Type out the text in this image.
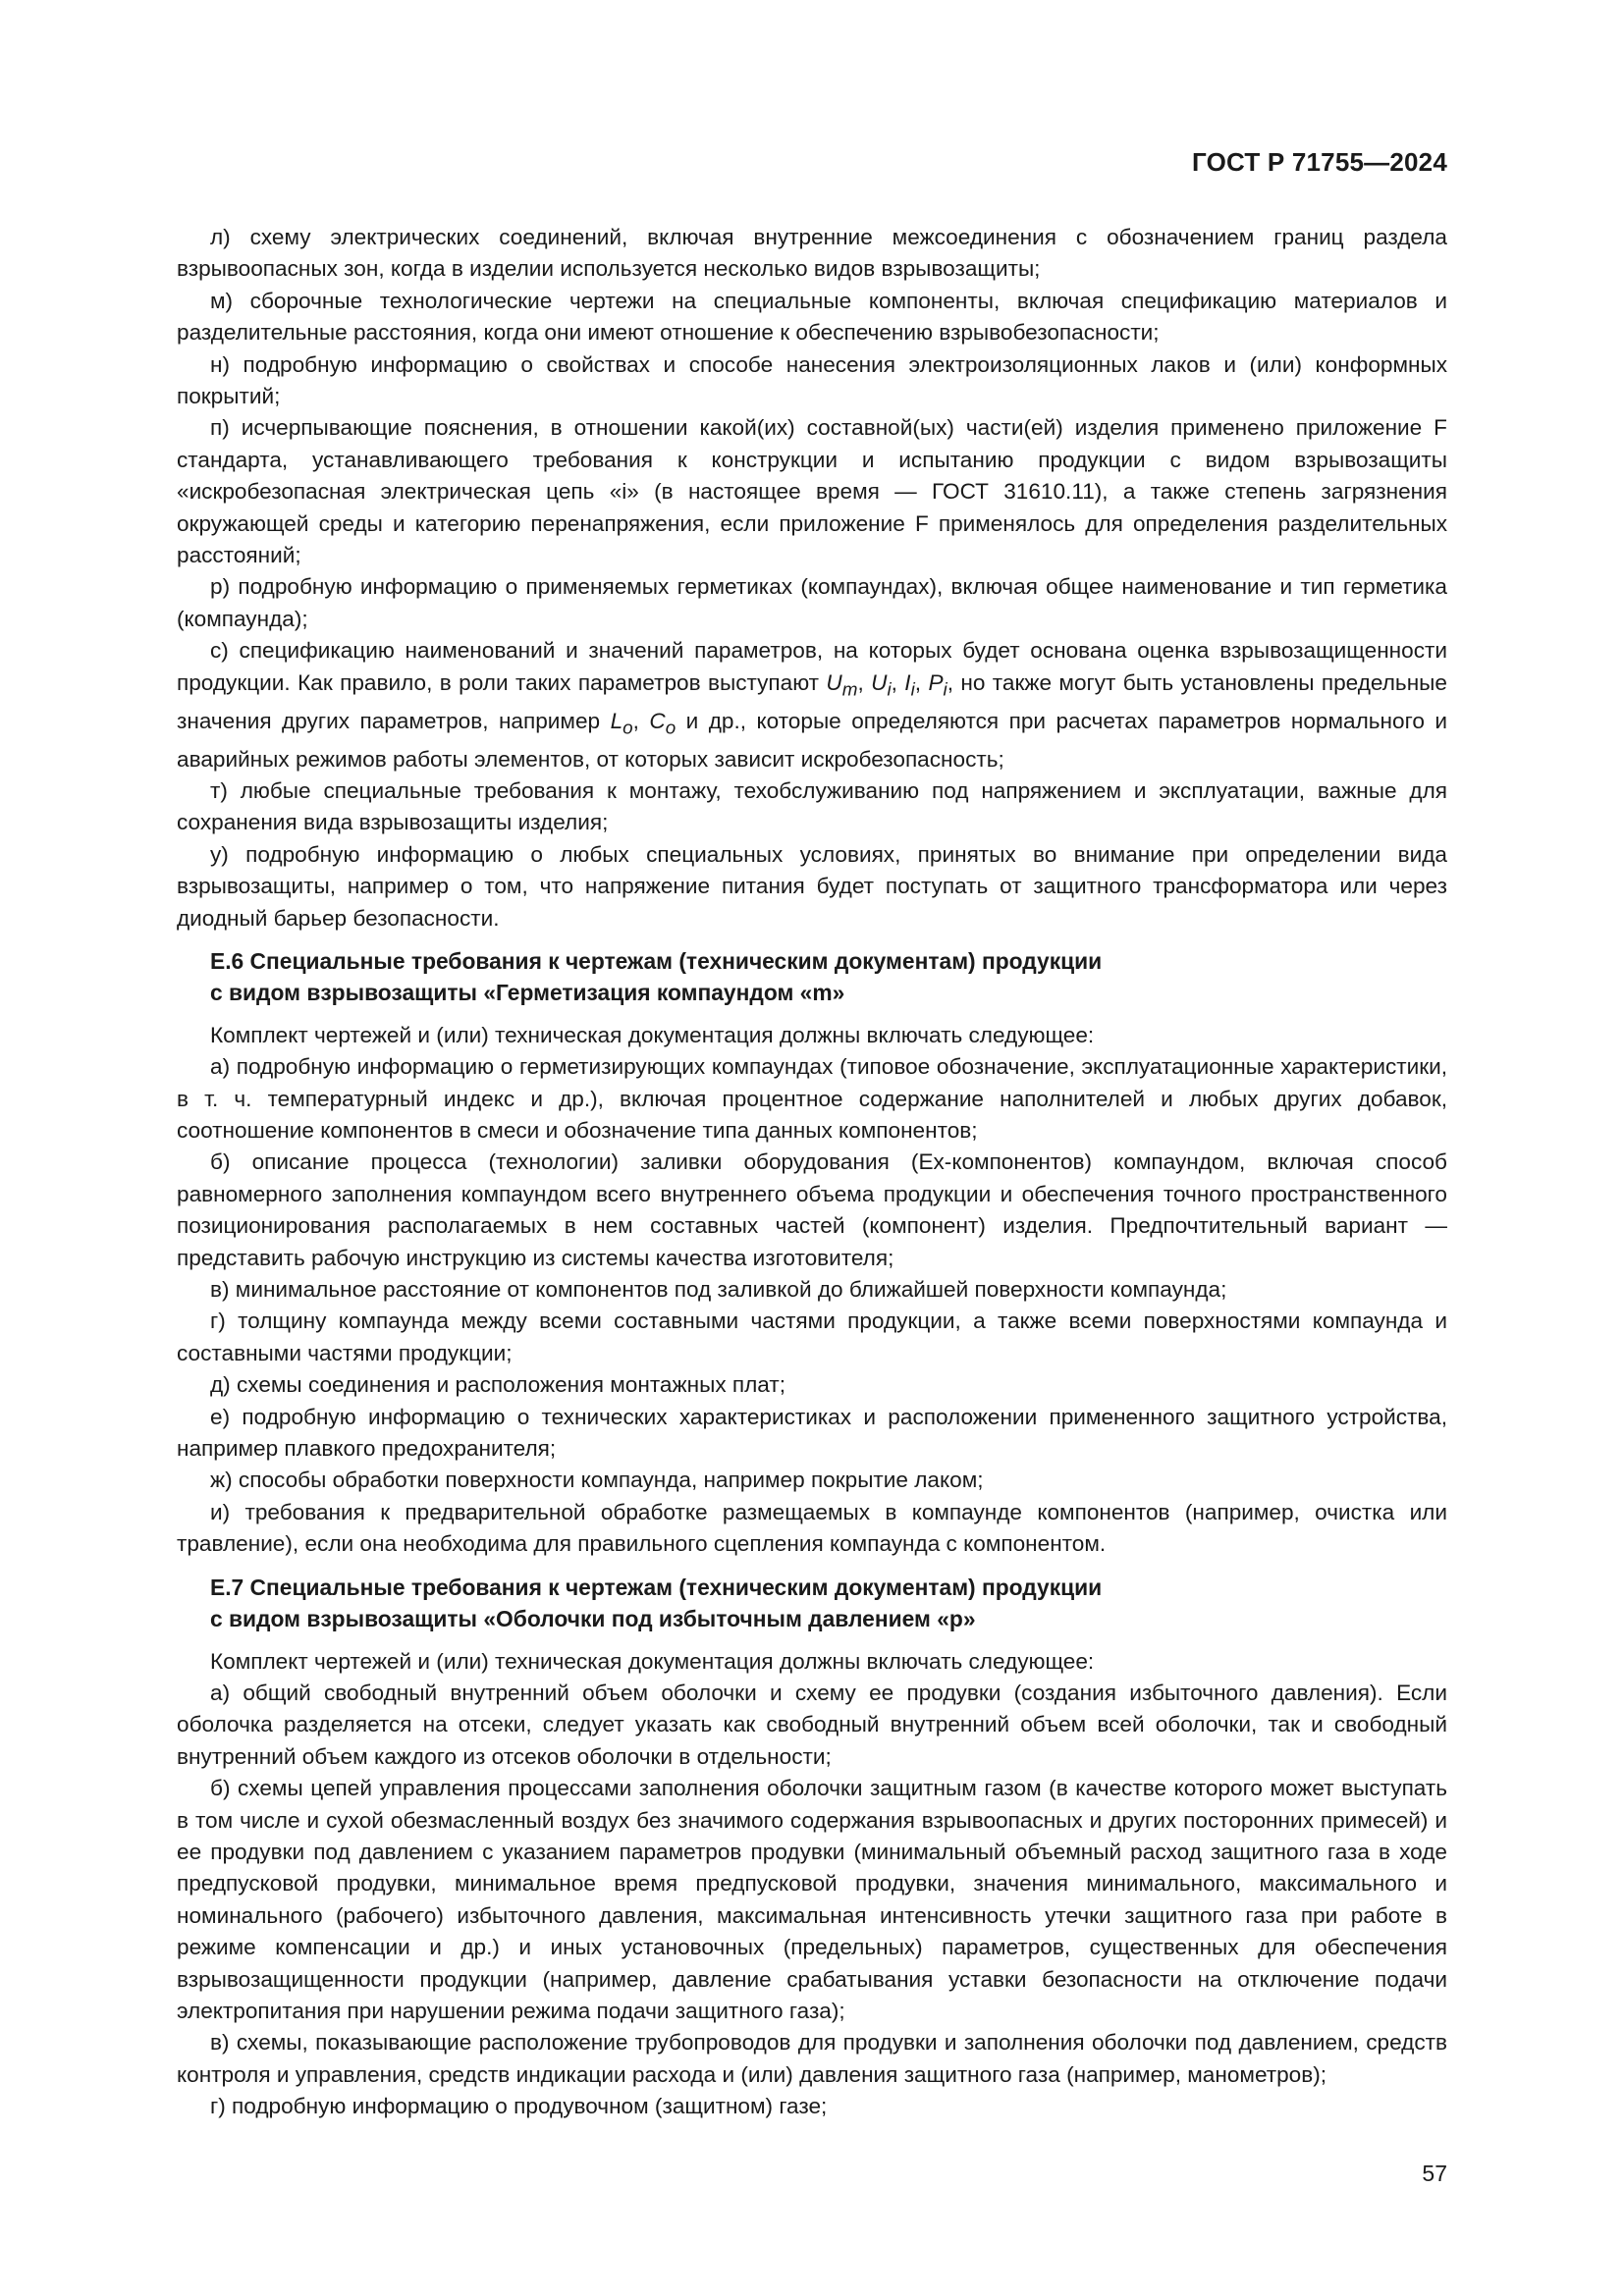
ГОСТ Р 71755—2024

л) схему электрических соединений, включая внутренние межсоединения с обозначением границ раздела взрывоопасных зон, когда в изделии используется несколько видов взрывозащиты;

м) сборочные технологические чертежи на специальные компоненты, включая спецификацию материалов и разделительные расстояния, когда они имеют отношение к обеспечению взрывобезопасности;

н) подробную информацию о свойствах и способе нанесения электроизоляционных лаков и (или) конформных покрытий;

п) исчерпывающие пояснения, в отношении какой(их) составной(ых) части(ей) изделия применено приложение F стандарта, устанавливающего требования к конструкции и испытанию продукции с видом взрывозащиты «искробезопасная электрическая цепь «i» (в настоящее время — ГОСТ 31610.11), а также степень загрязнения окружающей среды и категорию перенапряжения, если приложение F применялось для определения разделительных расстояний;

р) подробную информацию о применяемых герметиках (компаундах), включая общее наименование и тип герметика (компаунда);

с) спецификацию наименований и значений параметров, на которых будет основана оценка взрывозащищенности продукции. Как правило, в роли таких параметров выступают $U_m$, $U_i$, $I_i$, $P_i$, но также могут быть установлены предельные значения других параметров, например $L_o$, $C_o$ и др., которые определяются при расчетах параметров нормального и аварийных режимов работы элементов, от которых зависит искробезопасность;

т) любые специальные требования к монтажу, техобслуживанию под напряжением и эксплуатации, важные для сохранения вида взрывозащиты изделия;

у) подробную информацию о любых специальных условиях, принятых во внимание при определении вида взрывозащиты, например о том, что напряжение питания будет поступать от защитного трансформатора или через диодный барьер безопасности.

Е.6 Специальные требования к чертежам (техническим документам) продукции
с видом взрывозащиты «Герметизация компаундом «m»

Комплект чертежей и (или) техническая документация должны включать следующее:

а) подробную информацию о герметизирующих компаундах (типовое обозначение, эксплуатационные характеристики, в т. ч. температурный индекс и др.), включая процентное содержание наполнителей и любых других добавок, соотношение компонентов в смеси и обозначение типа данных компонентов;

б) описание процесса (технологии) заливки оборудования (Ex-компонентов) компаундом, включая способ равномерного заполнения компаундом всего внутреннего объема продукции и обеспечения точного пространственного позиционирования располагаемых в нем составных частей (компонент) изделия. Предпочтительный вариант — представить рабочую инструкцию из системы качества изготовителя;

в) минимальное расстояние от компонентов под заливкой до ближайшей поверхности компаунда;

г) толщину компаунда между всеми составными частями продукции, а также всеми поверхностями компаунда и составными частями продукции;

д) схемы соединения и расположения монтажных плат;

е) подробную информацию о технических характеристиках и расположении примененного защитного устройства, например плавкого предохранителя;

ж) способы обработки поверхности компаунда, например покрытие лаком;

и) требования к предварительной обработке размещаемых в компаунде компонентов (например, очистка или травление), если она необходима для правильного сцепления компаунда с компонентом.

Е.7 Специальные требования к чертежам (техническим документам) продукции
с видом взрывозащиты «Оболочки под избыточным давлением «р»

Комплект чертежей и (или) техническая документация должны включать следующее:

а) общий свободный внутренний объем оболочки и схему ее продувки (создания избыточного давления). Если оболочка разделяется на отсеки, следует указать как свободный внутренний объем всей оболочки, так и свободный внутренний объем каждого из отсеков оболочки в отдельности;

б) схемы цепей управления процессами заполнения оболочки защитным газом (в качестве которого может выступать в том числе и сухой обезмасленный воздух без значимого содержания взрывоопасных и других посторонних примесей) и ее продувки под давлением с указанием параметров продувки (минимальный объемный расход защитного газа в ходе предпусковой продувки, минимальное время предпусковой продувки, значения минимального, максимального и номинального (рабочего) избыточного давления, максимальная интенсивность утечки защитного газа при работе в режиме компенсации и др.) и иных установочных (предельных) параметров, существенных для обеспечения взрывозащищенности продукции (например, давление срабатывания уставки безопасности на отключение подачи электропитания при нарушении режима подачи защитного газа);

в) схемы, показывающие расположение трубопроводов для продувки и заполнения оболочки под давлением, средств контроля и управления, средств индикации расхода и (или) давления защитного газа (например, манометров);

г) подробную информацию о продувочном (защитном) газе;

57
